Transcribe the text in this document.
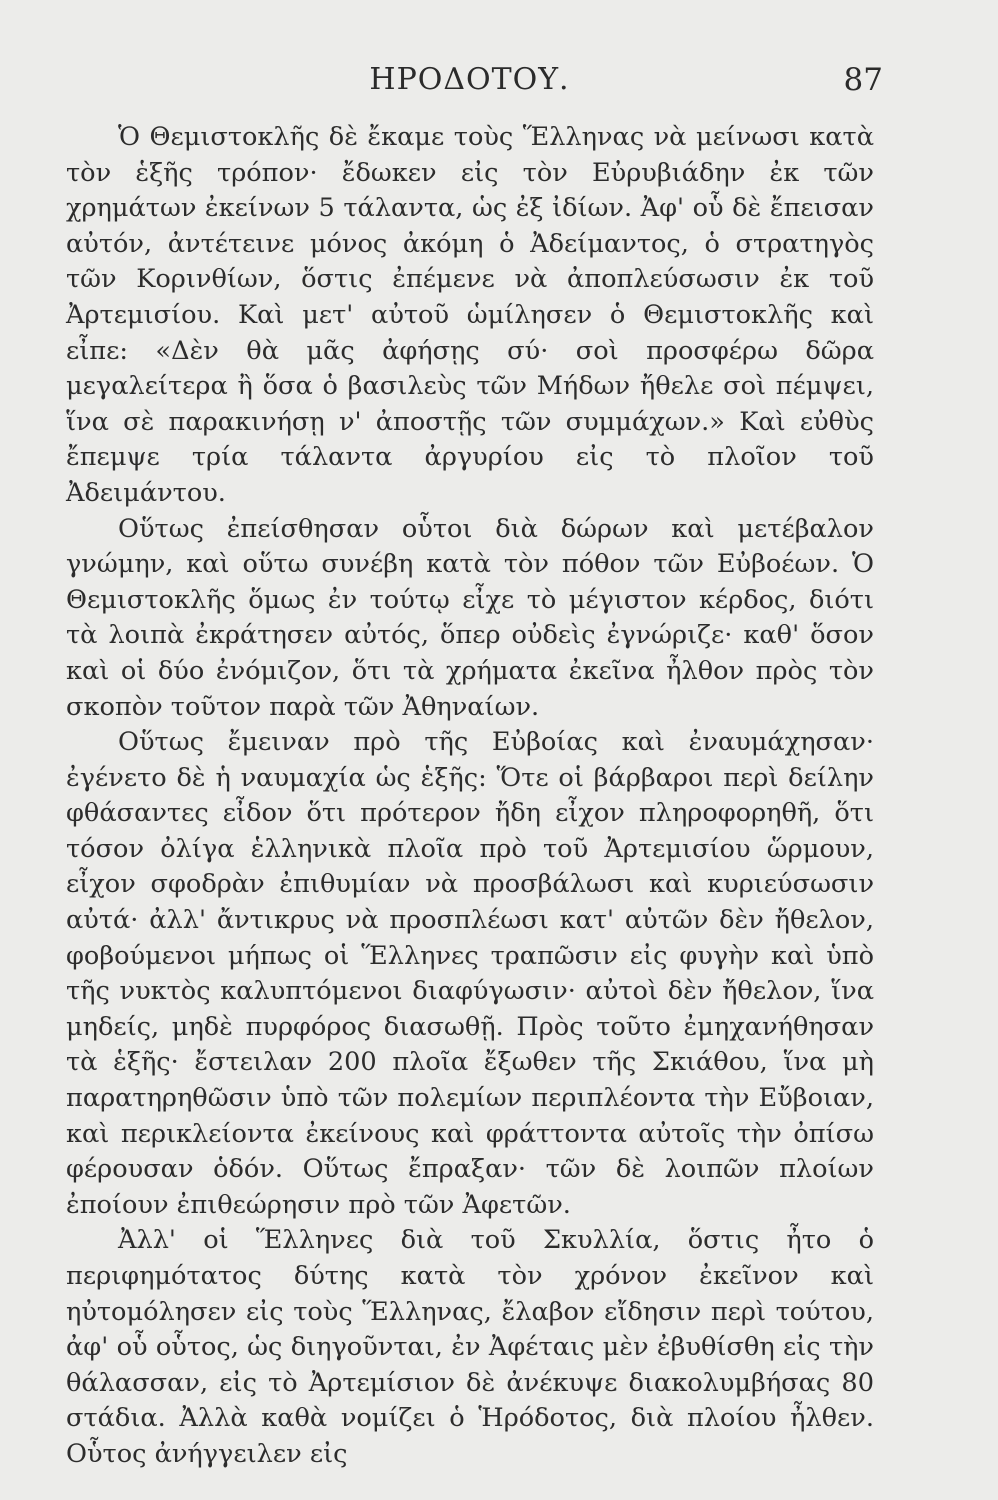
ΗΡΟΔΟΤΟΥ.	87

Ὁ Θεμιστοκλῆς δὲ ἔκαμε τοὺς Ἕλληνας νὰ μείνωσι κατὰ τὸν ἑξῆς τρόπον· ἔδωκεν εἰς τὸν Εὐρυβιάδην ἐκ τῶν χρημάτων ἐκείνων 5 τάλαντα, ὡς ἐξ ἰδίων. Ἀφ' οὗ δὲ ἔπεισαν αὐτόν, ἀντέτεινε μόνος ἀκόμη ὁ Ἀδείμαντος, ὁ στρατηγὸς τῶν Κορινθίων, ὅστις ἐπέμενε νὰ ἀποπλεύσωσιν ἐκ τοῦ Ἀρτεμισίου. Καὶ μετ' αὐτοῦ ὡμίλησεν ὁ Θεμιστοκλῆς καὶ εἶπε: «Δὲν θὰ μᾶς ἀφήσῃς σύ· σοὶ προσφέρω δῶρα μεγαλείτερα ἢ ὅσα ὁ βασιλεὺς τῶν Μήδων ἤθελε σοὶ πέμψει, ἵνα σὲ παρακινήσῃ ν' ἀποστῇς τῶν συμμάχων.» Καὶ εὐθὺς ἔπεμψε τρία τάλαντα ἀργυρίου εἰς τὸ πλοῖον τοῦ Ἀδειμάντου.

Οὕτως ἐπείσθησαν οὗτοι διὰ δώρων καὶ μετέβαλον γνώμην, καὶ οὕτω συνέβη κατὰ τὸν πόθον τῶν Εὐβοέων. Ὁ Θεμιστοκλῆς ὅμως ἐν τούτῳ εἶχε τὸ μέγιστον κέρδος, διότι τὰ λοιπὰ ἐκράτησεν αὐτός, ὅπερ οὐδεὶς ἐγνώριζε· καθ' ὅσον καὶ οἱ δύο ἐνόμιζον, ὅτι τὰ χρήματα ἐκεῖνα ἦλθον πρὸς τὸν σκοπὸν τοῦτον παρὰ τῶν Ἀθηναίων.

Οὕτως ἔμειναν πρὸ τῆς Εὐβοίας καὶ ἐναυμάχησαν· ἐγένετο δὲ ἡ ναυμαχία ὡς ἑξῆς: Ὅτε οἱ βάρβαροι περὶ δείλην φθάσαντες εἶδον ὅτι πρότερον ἤδη εἶχον πληροφορηθῆ, ὅτι τόσον ὀλίγα ἑλληνικὰ πλοῖα πρὸ τοῦ Ἀρτεμισίου ὥρμουν, εἶχον σφοδρὰν ἐπιθυμίαν νὰ προσβάλωσι καὶ κυριεύσωσιν αὐτά· ἀλλ' ἄντικρυς νὰ προσπλέωσι κατ' αὐτῶν δὲν ἤθελον, φοβούμενοι μήπως οἱ Ἕλληνες τραπῶσιν εἰς φυγὴν καὶ ὑπὸ τῆς νυκτὸς καλυπτόμενοι διαφύγωσιν· αὐτοὶ δὲν ἤθελον, ἵνα μηδείς, μηδὲ πυρφόρος διασωθῇ. Πρὸς τοῦτο ἐμηχανήθησαν τὰ ἑξῆς· ἔστειλαν 200 πλοῖα ἔξωθεν τῆς Σκιάθου, ἵνα μὴ παρατηρηθῶσιν ὑπὸ τῶν πολεμίων περιπλέοντα τὴν Εὔβοιαν, καὶ περικλείοντα ἐκείνους καὶ φράττοντα αὐτοῖς τὴν ὀπίσω φέρουσαν ὁδόν. Οὕτως ἔπραξαν· τῶν δὲ λοιπῶν πλοίων ἐποίουν ἐπιθεώρησιν πρὸ τῶν Ἀφετῶν.

Ἀλλ' οἱ Ἕλληνες διὰ τοῦ Σκυλλία, ὅστις ἦτο ὁ περιφημότατος δύτης κατὰ τὸν χρόνον ἐκεῖνον καὶ ηὐτομόλησεν εἰς τοὺς Ἕλληνας, ἔλαβον εἴδησιν περὶ τούτου, ἀφ' οὗ οὗτος, ὡς διηγοῦνται, ἐν Ἀφέταις μὲν ἐβυθίσθη εἰς τὴν θάλασσαν, εἰς τὸ Ἀρτεμίσιον δὲ ἀνέκυψε διακολυμβήσας 80 στάδια. Ἀλλὰ καθὰ νομίζει ὁ Ἡρόδοτος, διὰ πλοίου ἦλθεν. Οὗτος ἀνήγγειλεν εἰς
